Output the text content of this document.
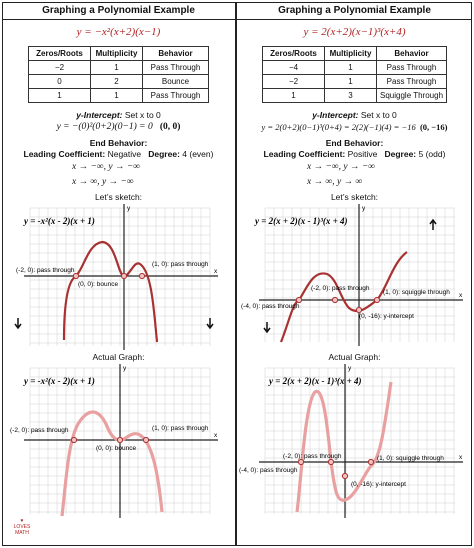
Graphing a Polynomial Example
y = −x²(x+2)(x−1)
Zeros/Roots	Multiplicity	Behavior
−2	1	Pass Through
0	2	Bounce
1	1	Pass Through
y-Intercept: Set x to 0
y = −(0)²(0+2)(0−1) = 0 (0, 0)
End Behavior:
Leading Coefficient: Negative Degree: 4 (even)
x → −∞, y → −∞
x → ∞, y → −∞
Let’s sketch:
x
y
y = -x²(x - 2)(x + 1)
(-2, 0): pass through
(0, 0): bounce
(1, 0): pass through
Actual Graph:
x
y
y = -x²(x - 2)(x + 1)
(-2, 0): pass through
(0, 0): bounce
(1, 0): pass through
Graphing a Polynomial Example
y = 2(x+2)(x−1)³(x+4)
Zeros/Roots	Multiplicity	Behavior
−4	1	Pass Through
−2	1	Pass Through
1	3	Squiggle Through
y-Intercept: Set x to 0
y = 2(0+2)(0−1)³(0+4) = 2(2)(−1)(4) = −16 (0, −16)
End Behavior:
Leading Coefficient: Positive Degree: 5 (odd)
x → −∞, y → −∞
x → ∞, y → ∞
Let’s sketch:
x
y
y = 2(x + 2)(x - 1)³(x + 4)
(-4, 0): pass through
(-2, 0): pass through
(1, 0): squiggle through
(0, -16): y-intercept
Actual Graph:
x
y
y = 2(x + 2)(x - 1)³(x + 4)
(-4, 0): pass through
(-2, 0): pass through	(1, 0): squiggle through
(0, -16): y-intercept
♥
LOVES MATH
